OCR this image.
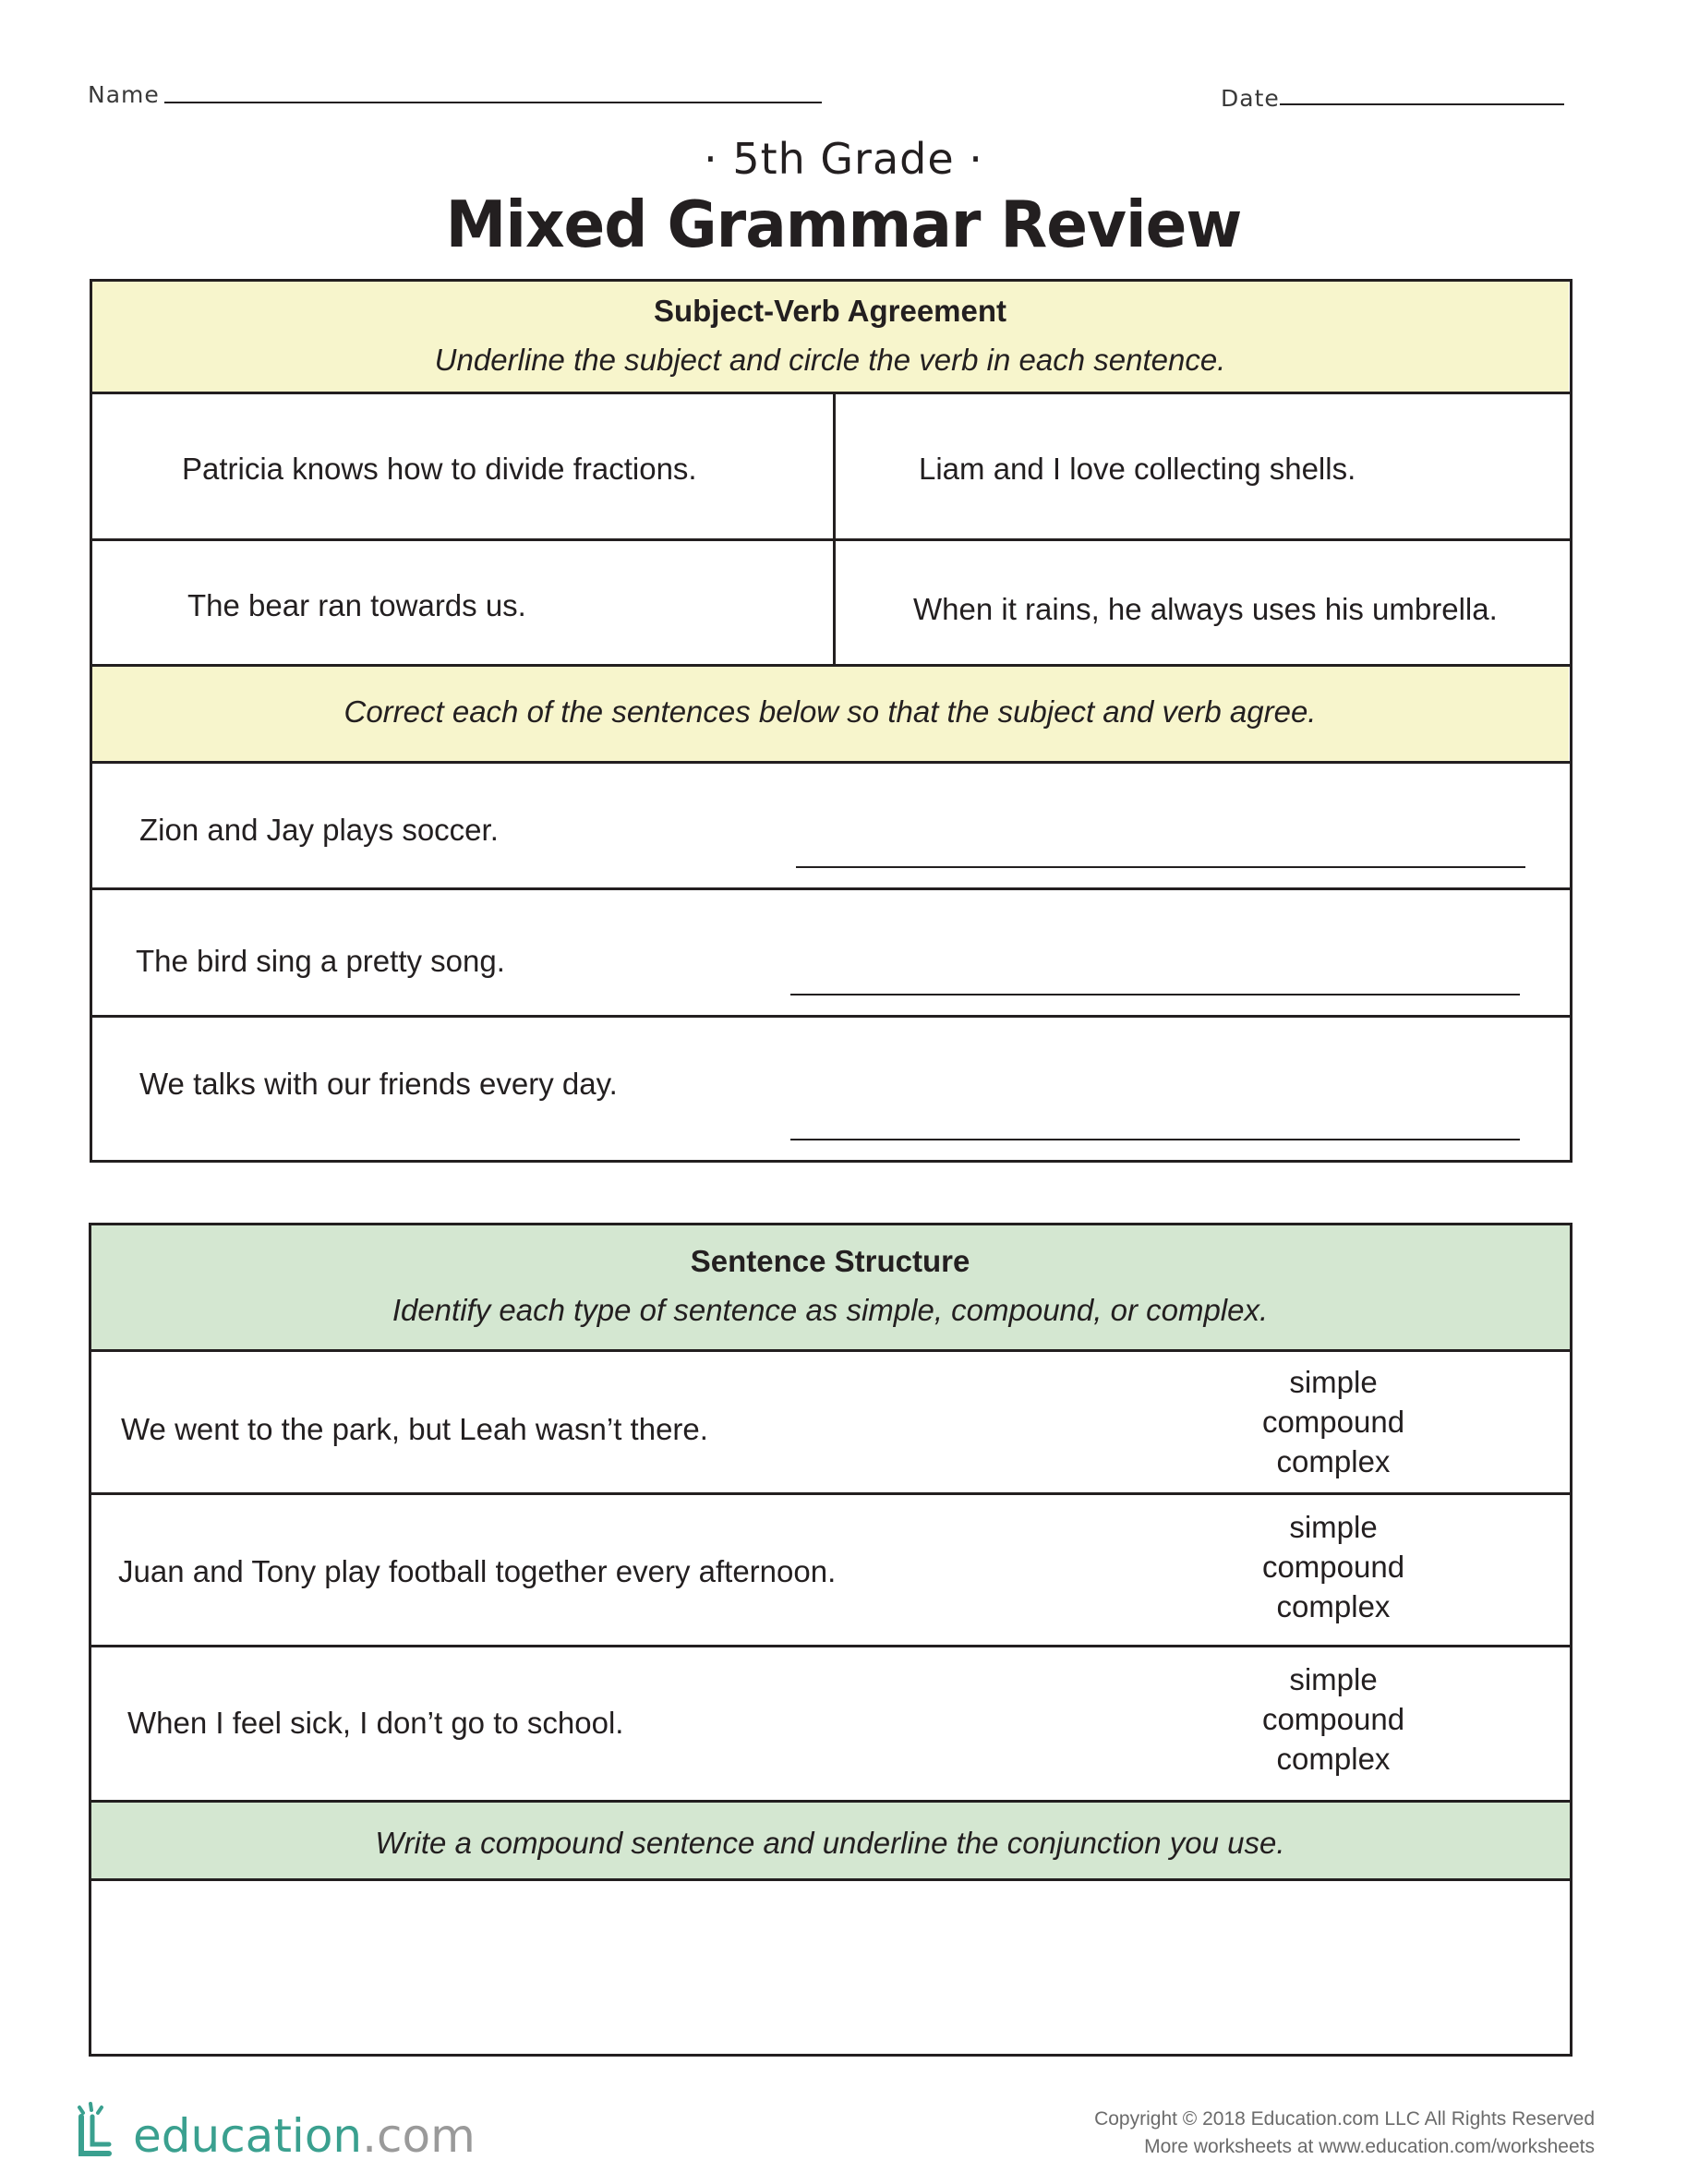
Name	Date
· 5th Grade ·
Mixed Grammar Review
Subject-Verb Agreement
Underline the subject and circle the verb in each sentence.
Patricia knows how to divide fractions.	Liam and I love collecting shells.
The bear ran towards us.	When it rains, he always uses his umbrella.
Correct each of the sentences below so that the subject and verb agree.
Zion and Jay plays soccer.
The bird sing a pretty song.
We talks with our friends every day.
Sentence Structure
Identify each type of sentence as simple, compound, or complex.
We went to the park, but Leah wasn’t there.
simple
compound
complex
Juan and Tony play football together every afternoon.
simple
compound
complex
When I feel sick, I don’t go to school.
simple
compound
complex
Write a compound sentence and underline the conjunction you use.
education.com	Copyright © 2018 Education.com LLC All Rights Reserved
More worksheets at www.education.com/worksheets
